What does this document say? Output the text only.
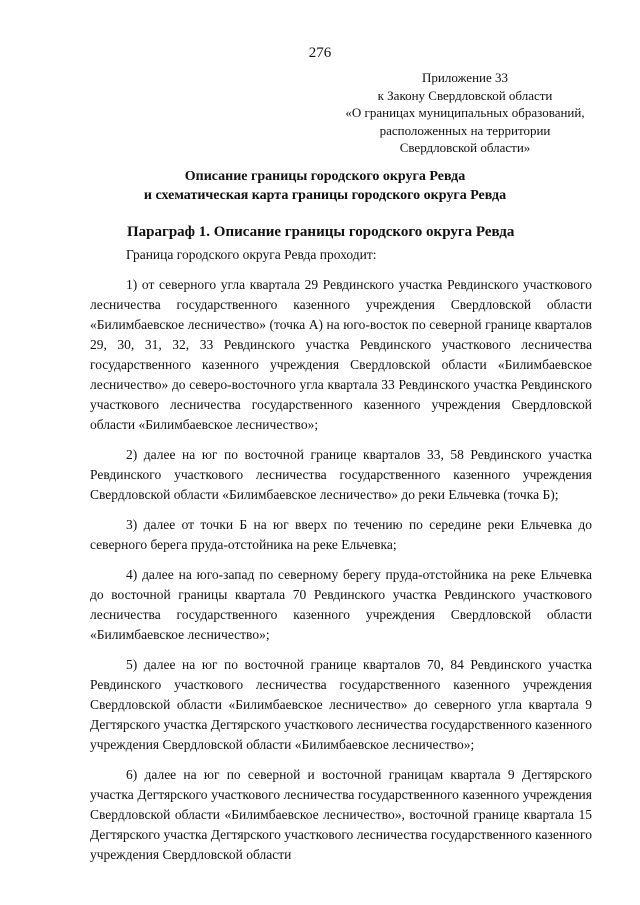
276
Приложение 33
к Закону Свердловской области
«О границах муниципальных образований,
расположенных на территории
Свердловской области»
Описание границы городского округа Ревда
и схематическая карта границы городского округа Ревда
Параграф 1. Описание границы городского округа Ревда

Граница городского округа Ревда проходит:

1) от северного угла квартала 29 Ревдинского участка Ревдинского участкового лесничества государственного казенного учреждения Свердловской области «Билимбаевское лесничество» (точка А) на юго-восток по северной границе кварталов 29, 30, 31, 32, 33 Ревдинского участка Ревдинского участкового лесничества государственного казенного учреждения Свердловской области «Билимбаевское лесничество» до северо-восточного угла квартала 33 Ревдинского участка Ревдинского участкового лесничества государственного казенного учреждения Свердловской области «Билимбаевское лесничество»;

2) далее на юг по восточной границе кварталов 33, 58 Ревдинского участка Ревдинского участкового лесничества государственного казенного учреждения Свердловской области «Билимбаевское лесничество» до реки Ельчевка (точка Б);

3) далее от точки Б на юг вверх по течению по середине реки Ельчевка до северного берега пруда-отстойника на реке Ельчевка;

4) далее на юго-запад по северному берегу пруда-отстойника на реке Ельчевка до восточной границы квартала 70 Ревдинского участка Ревдинского участкового лесничества государственного казенного учреждения Свердловской области «Билимбаевское лесничество»;

5) далее на юг по восточной границе кварталов 70, 84 Ревдинского участка Ревдинского участкового лесничества государственного казенного учреждения Свердловской области «Билимбаевское лесничество» до северного угла квартала 9 Дегтярского участка Дегтярского участкового лесничества государственного казенного учреждения Свердловской области «Билимбаевское лесничество»;

6) далее на юг по северной и восточной границам квартала 9 Дегтярского участка Дегтярского участкового лесничества государственного казенного учреждения Свердловской области «Билимбаевское лесничество», восточной границе квартала 15 Дегтярского участка Дегтярского участкового лесничества государственного казенного учреждения Свердловской области
